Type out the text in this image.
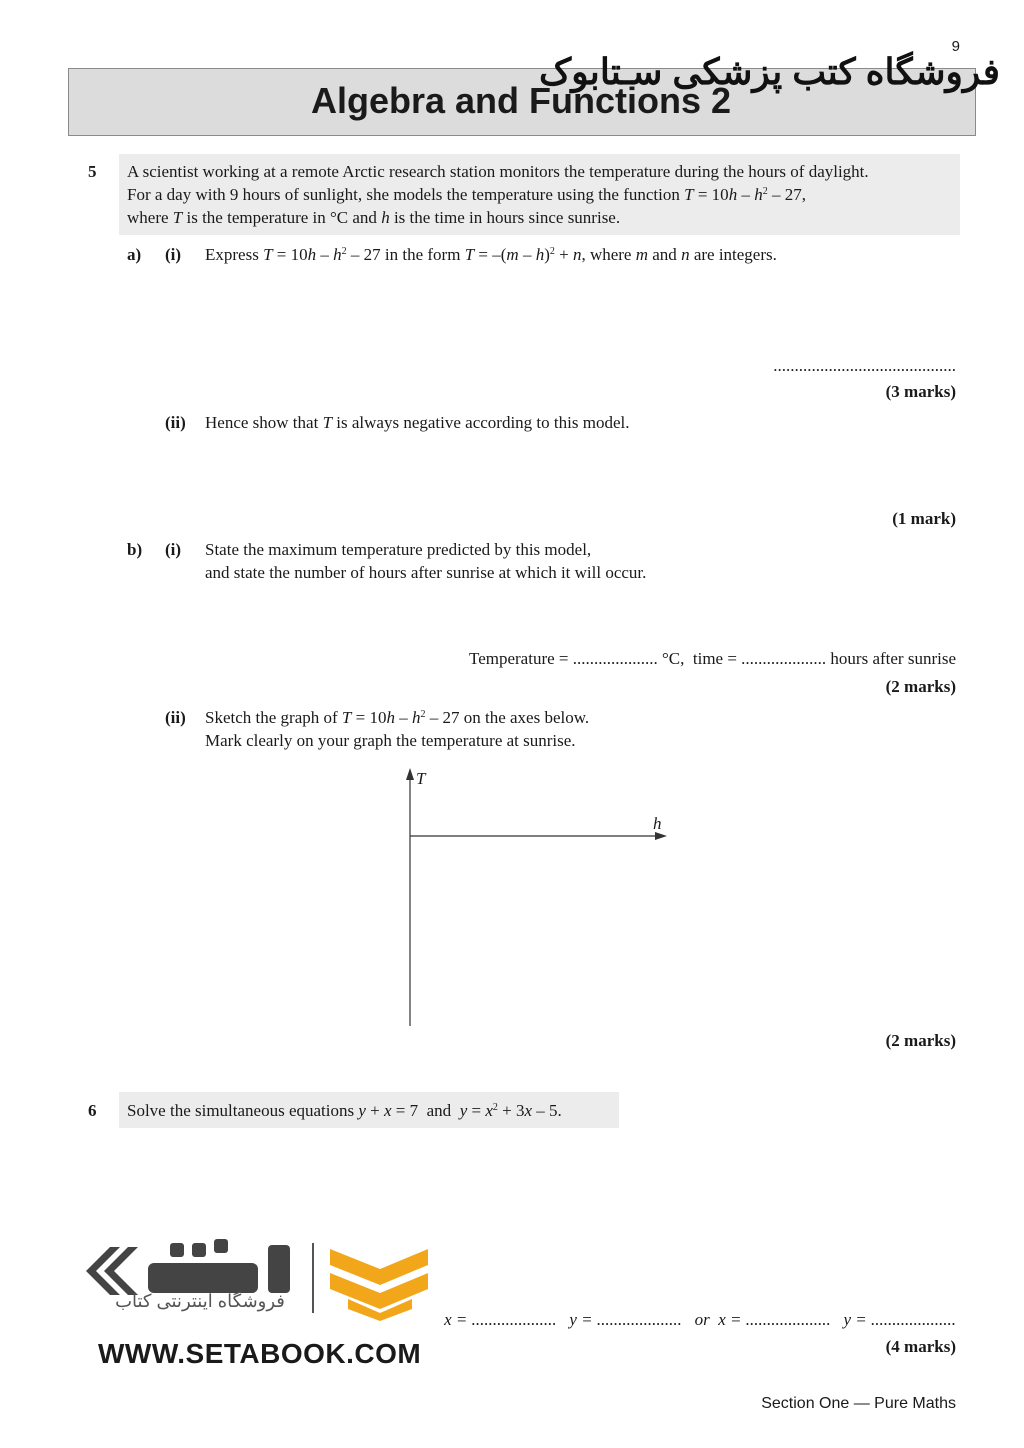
9
Algebra and Functions 2
فروشگاه کتب پزشکی سـتابوک
5 A scientist working at a remote Arctic research station monitors the temperature during the hours of daylight.
For a day with 9 hours of sunlight, she models the temperature using the function $T = 10h - h^2 - 27$,
where T is the temperature in °C and h is the time in hours since sunrise.
a) (i) Express $T = 10h - h^2 - 27$ in the form T = –(m – h)$^2$ + n, where m and n are integers.
...........................................
(3 marks)
(ii) Hence show that T is always negative according to this model.
(1 mark)
b) (i) State the maximum temperature predicted by this model,
and state the number of hours after sunrise at which it will occur.
Temperature = .................... °C,  time = .................... hours after sunrise
(2 marks)
(ii) Sketch the graph of $T = 10h - h^2 - 27$ on the axes below.
Mark clearly on your graph the temperature at sunrise.
T
h
(2 marks)
6 Solve the simultaneous equations y + x = 7  and $y = x^2 + 3x - 5$.
x = ....................   y = ....................   or  x = ....................   y = ....................
(4 marks)
فروشگاه اینترنتی کتاب
WWW.SETABOOK.COM
Section One — Pure Maths
